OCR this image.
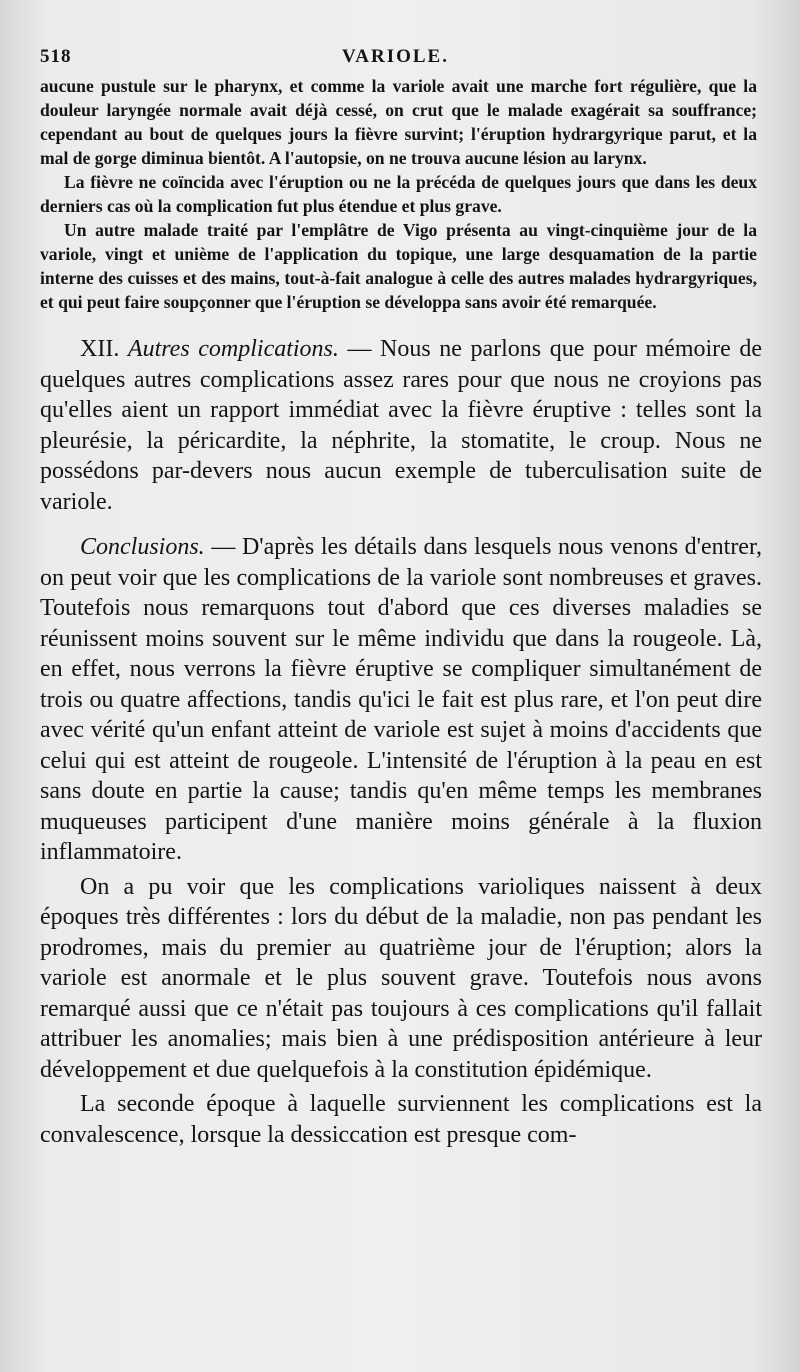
518	VARIOLE.

aucune pustule sur le pharynx, et comme la variole avait une marche fort régulière, que la douleur laryngée normale avait déjà cessé, on crut que le malade exagérait sa souffrance; cependant au bout de quelques jours la fièvre survint; l'éruption hydrargyrique parut, et la mal de gorge diminua bientôt. A l'autopsie, on ne trouva aucune lésion au larynx.

La fièvre ne coïncida avec l'éruption ou ne la précéda de quelques jours que dans les deux derniers cas où la complication fut plus étendue et plus grave.

Un autre malade traité par l'emplâtre de Vigo présenta au vingt-cinquième jour de la variole, vingt et unième de l'application du topique, une large desquamation de la partie interne des cuisses et des mains, tout-à-fait analogue à celle des autres malades hydrargyriques, et qui peut faire soupçonner que l'éruption se développa sans avoir été remarquée.

XII. Autres complications. — Nous ne parlons que pour mémoire de quelques autres complications assez rares pour que nous ne croyions pas qu'elles aient un rapport immédiat avec la fièvre éruptive : telles sont la pleurésie, la péricardite, la néphrite, la stomatite, le croup. Nous ne possédons par-devers nous aucun exemple de tuberculisation suite de variole.

Conclusions. — D'après les détails dans lesquels nous venons d'entrer, on peut voir que les complications de la variole sont nombreuses et graves. Toutefois nous remarquons tout d'abord que ces diverses maladies se réunissent moins souvent sur le même individu que dans la rougeole. Là, en effet, nous verrons la fièvre éruptive se compliquer simultanément de trois ou quatre affections, tandis qu'ici le fait est plus rare, et l'on peut dire avec vérité qu'un enfant atteint de variole est sujet à moins d'accidents que celui qui est atteint de rougeole. L'intensité de l'éruption à la peau en est sans doute en partie la cause; tandis qu'en même temps les membranes muqueuses participent d'une manière moins générale à la fluxion inflammatoire.

On a pu voir que les complications varioliques naissent à deux époques très différentes : lors du début de la maladie, non pas pendant les prodromes, mais du premier au quatrième jour de l'éruption; alors la variole est anormale et le plus souvent grave. Toutefois nous avons remarqué aussi que ce n'était pas toujours à ces complications qu'il fallait attribuer les anomalies; mais bien à une prédisposition antérieure à leur développement et due quelquefois à la constitution épidémique.

La seconde époque à laquelle surviennent les complications est la convalescence, lorsque la dessiccation est presque com-
